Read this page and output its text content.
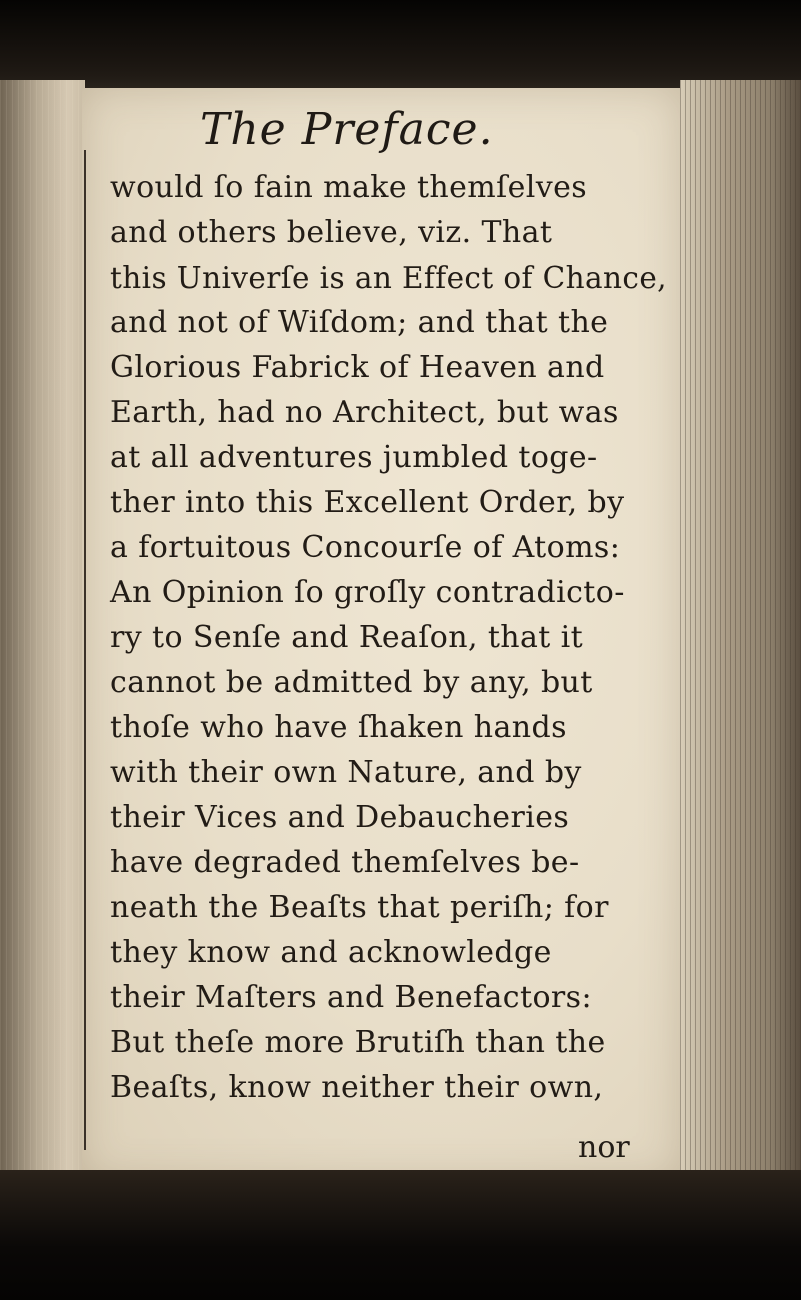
The Preface.
would ſo fain make themſelves
and others believe, viz. That
this Univerſe is an Effect of Chance,
and not of Wiſdom; and that the
Glorious Fabrick of Heaven and
Earth, had no Architect, but was
at all adventures jumbled toge-
ther into this Excellent Order, by
a fortuitous Concourſe of Atoms:
An Opinion ſo groſly contradicto-
ry to Senſe and Reaſon, that it
cannot be admitted by any, but
thoſe who have ſhaken hands
with their own Nature, and by
their Vices and Debaucheries
have degraded themſelves be-
neath the Beaſts that periſh; for
they know and acknowledge
their Maſters and Benefactors:
But theſe more Brutiſh than the
Beaſts, know neither their own,
nor
